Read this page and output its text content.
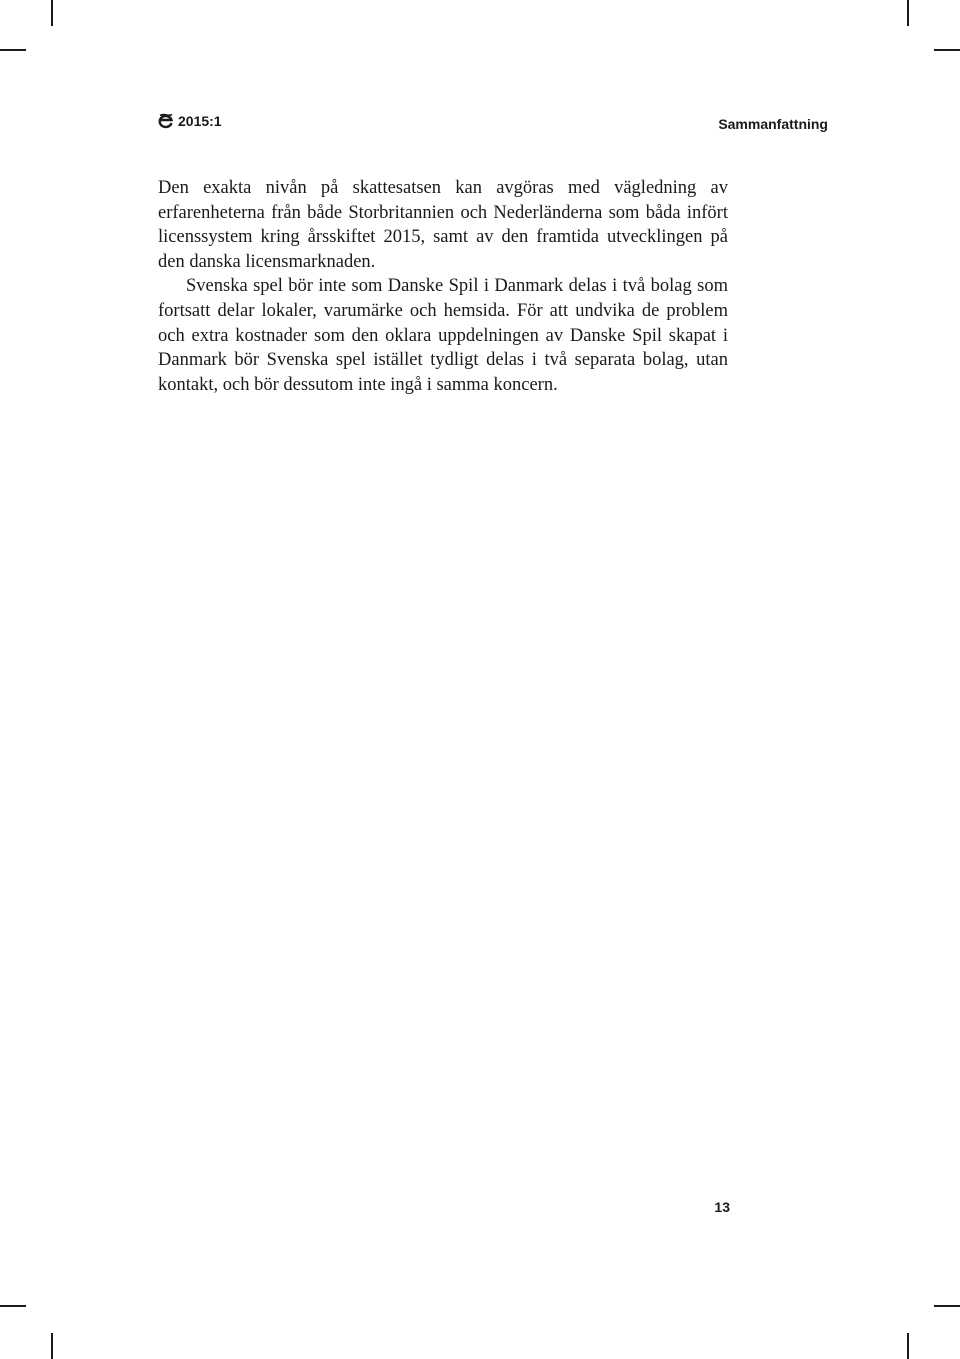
2015:1	Sammanfattning

Den exakta nivån på skattesatsen kan avgöras med vägledning av erfarenheterna från både Storbritannien och Nederländerna som båda infört licenssystem kring årsskiftet 2015, samt av den framtida utvecklingen på den danska licensmarknaden.

Svenska spel bör inte som Danske Spil i Danmark delas i två bolag som fortsatt delar lokaler, varumärke och hemsida. För att undvika de problem och extra kostnader som den oklara uppdelningen av Danske Spil skapat i Danmark bör Svenska spel istället tydligt delas i två separata bolag, utan kontakt, och bör dessutom inte ingå i samma koncern.

13
